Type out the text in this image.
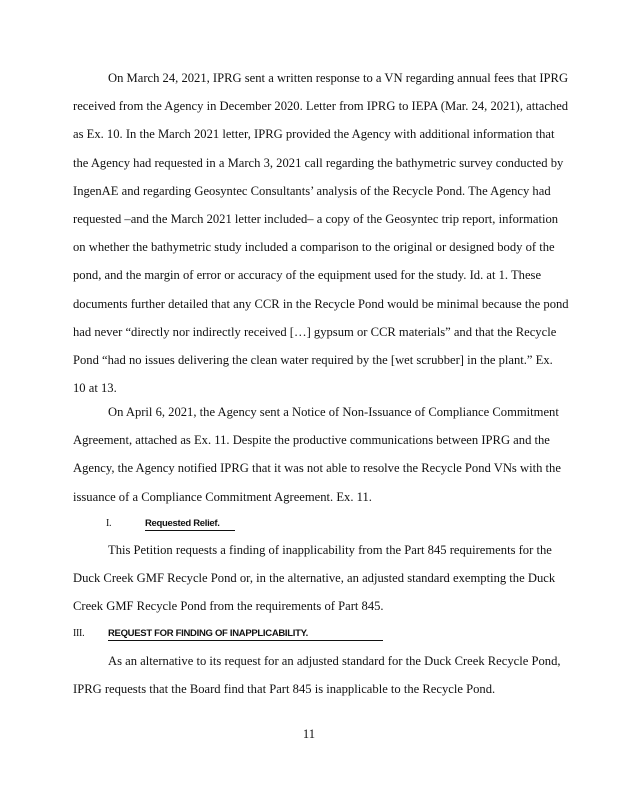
On March 24, 2021, IPRG sent a written response to a VN regarding annual fees that IPRG
received from the Agency in December 2020. Letter from IPRG to IEPA (Mar. 24, 2021), attached
as Ex. 10. In the March 2021 letter, IPRG provided the Agency with additional information that
the Agency had requested in a March 3, 2021 call regarding the bathymetric survey conducted by
IngenAE and regarding Geosyntec Consultants’ analysis of the Recycle Pond. The Agency had
requested –and the March 2021 letter included– a copy of the Geosyntec trip report, information
on whether the bathymetric study included a comparison to the original or designed body of the
pond, and the margin of error or accuracy of the equipment used for the study. Id. at 1. These
documents further detailed that any CCR in the Recycle Pond would be minimal because the pond
had never “directly nor indirectly received […] gypsum or CCR materials” and that the Recycle
Pond “had no issues delivering the clean water required by the [wet scrubber] in the plant.” Ex.
10 at 13.
On April 6, 2021, the Agency sent a Notice of Non-Issuance of Compliance Commitment
Agreement, attached as Ex. 11. Despite the productive communications between IPRG and the
Agency, the Agency notified IPRG that it was not able to resolve the Recycle Pond VNs with the
issuance of a Compliance Commitment Agreement. Ex. 11.
I.	Requested Relief.
This Petition requests a finding of inapplicability from the Part 845 requirements for the
Duck Creek GMF Recycle Pond or, in the alternative, an adjusted standard exempting the Duck
Creek GMF Recycle Pond from the requirements of Part 845.
III. REQUEST FOR FINDING OF INAPPLICABILITY.
As an alternative to its request for an adjusted standard for the Duck Creek Recycle Pond,
IPRG requests that the Board find that Part 845 is inapplicable to the Recycle Pond.
11
